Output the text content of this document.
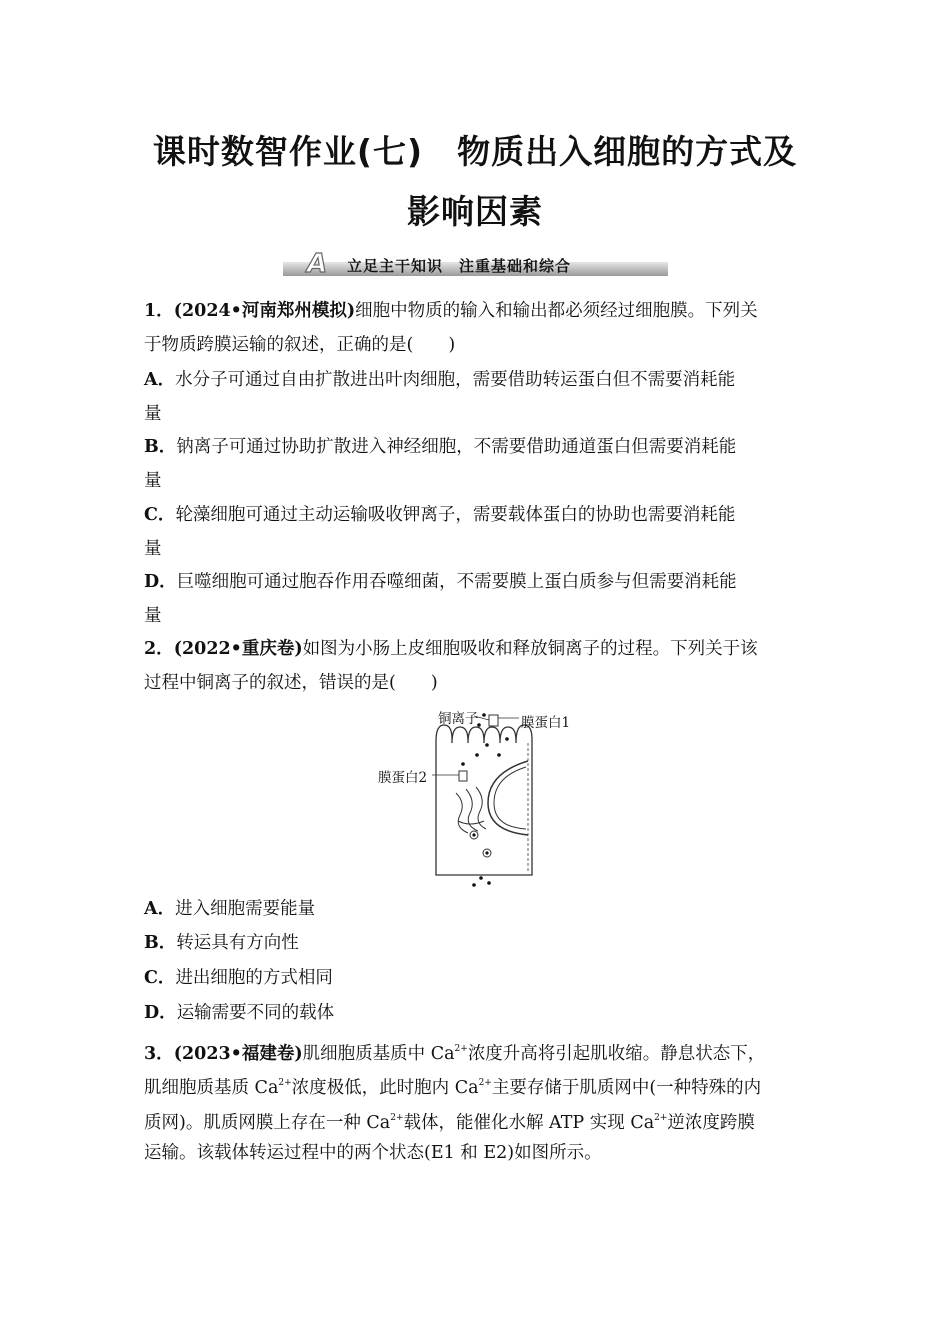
课时数智作业(七)　物质出入细胞的方式及
影响因素
A 立足主干知识　注重基础和综合
1．(2024•河南郑州模拟)细胞中物质的输入和输出都必须经过细胞膜。下列关
于物质跨膜运输的叙述，正确的是(　　)
A．水分子可通过自由扩散进出叶肉细胞，需要借助转运蛋白但不需要消耗能
量
B．钠离子可通过协助扩散进入神经细胞，不需要借助通道蛋白但需要消耗能
量
C．轮藻细胞可通过主动运输吸收钾离子，需要载体蛋白的协助也需要消耗能
量
D．巨噬细胞可通过胞吞作用吞噬细菌，不需要膜上蛋白质参与但需要消耗能
量
2．(2022•重庆卷)如图为小肠上皮细胞吸收和释放铜离子的过程。下列关于该
过程中铜离子的叙述，错误的是(　　)
铜离子	膜蛋白1
膜蛋白2
A．进入细胞需要能量
B．转运具有方向性
C．进出细胞的方式相同
D．运输需要不同的载体
3．(2023•福建卷)肌细胞质基质中 $Ca^{2+}$浓度升高将引起肌收缩。静息状态下，
肌细胞质基质 $Ca^{2+}$浓度极低，此时胞内 $Ca^{2+}$主要存储于肌质网中(一种特殊的内
质网)。肌质网膜上存在一种 $Ca^{2+}$载体，能催化水解 ATP 实现 $Ca^{2+}$逆浓度跨膜
运输。该载体转运过程中的两个状态(E1 和 E2)如图所示。
